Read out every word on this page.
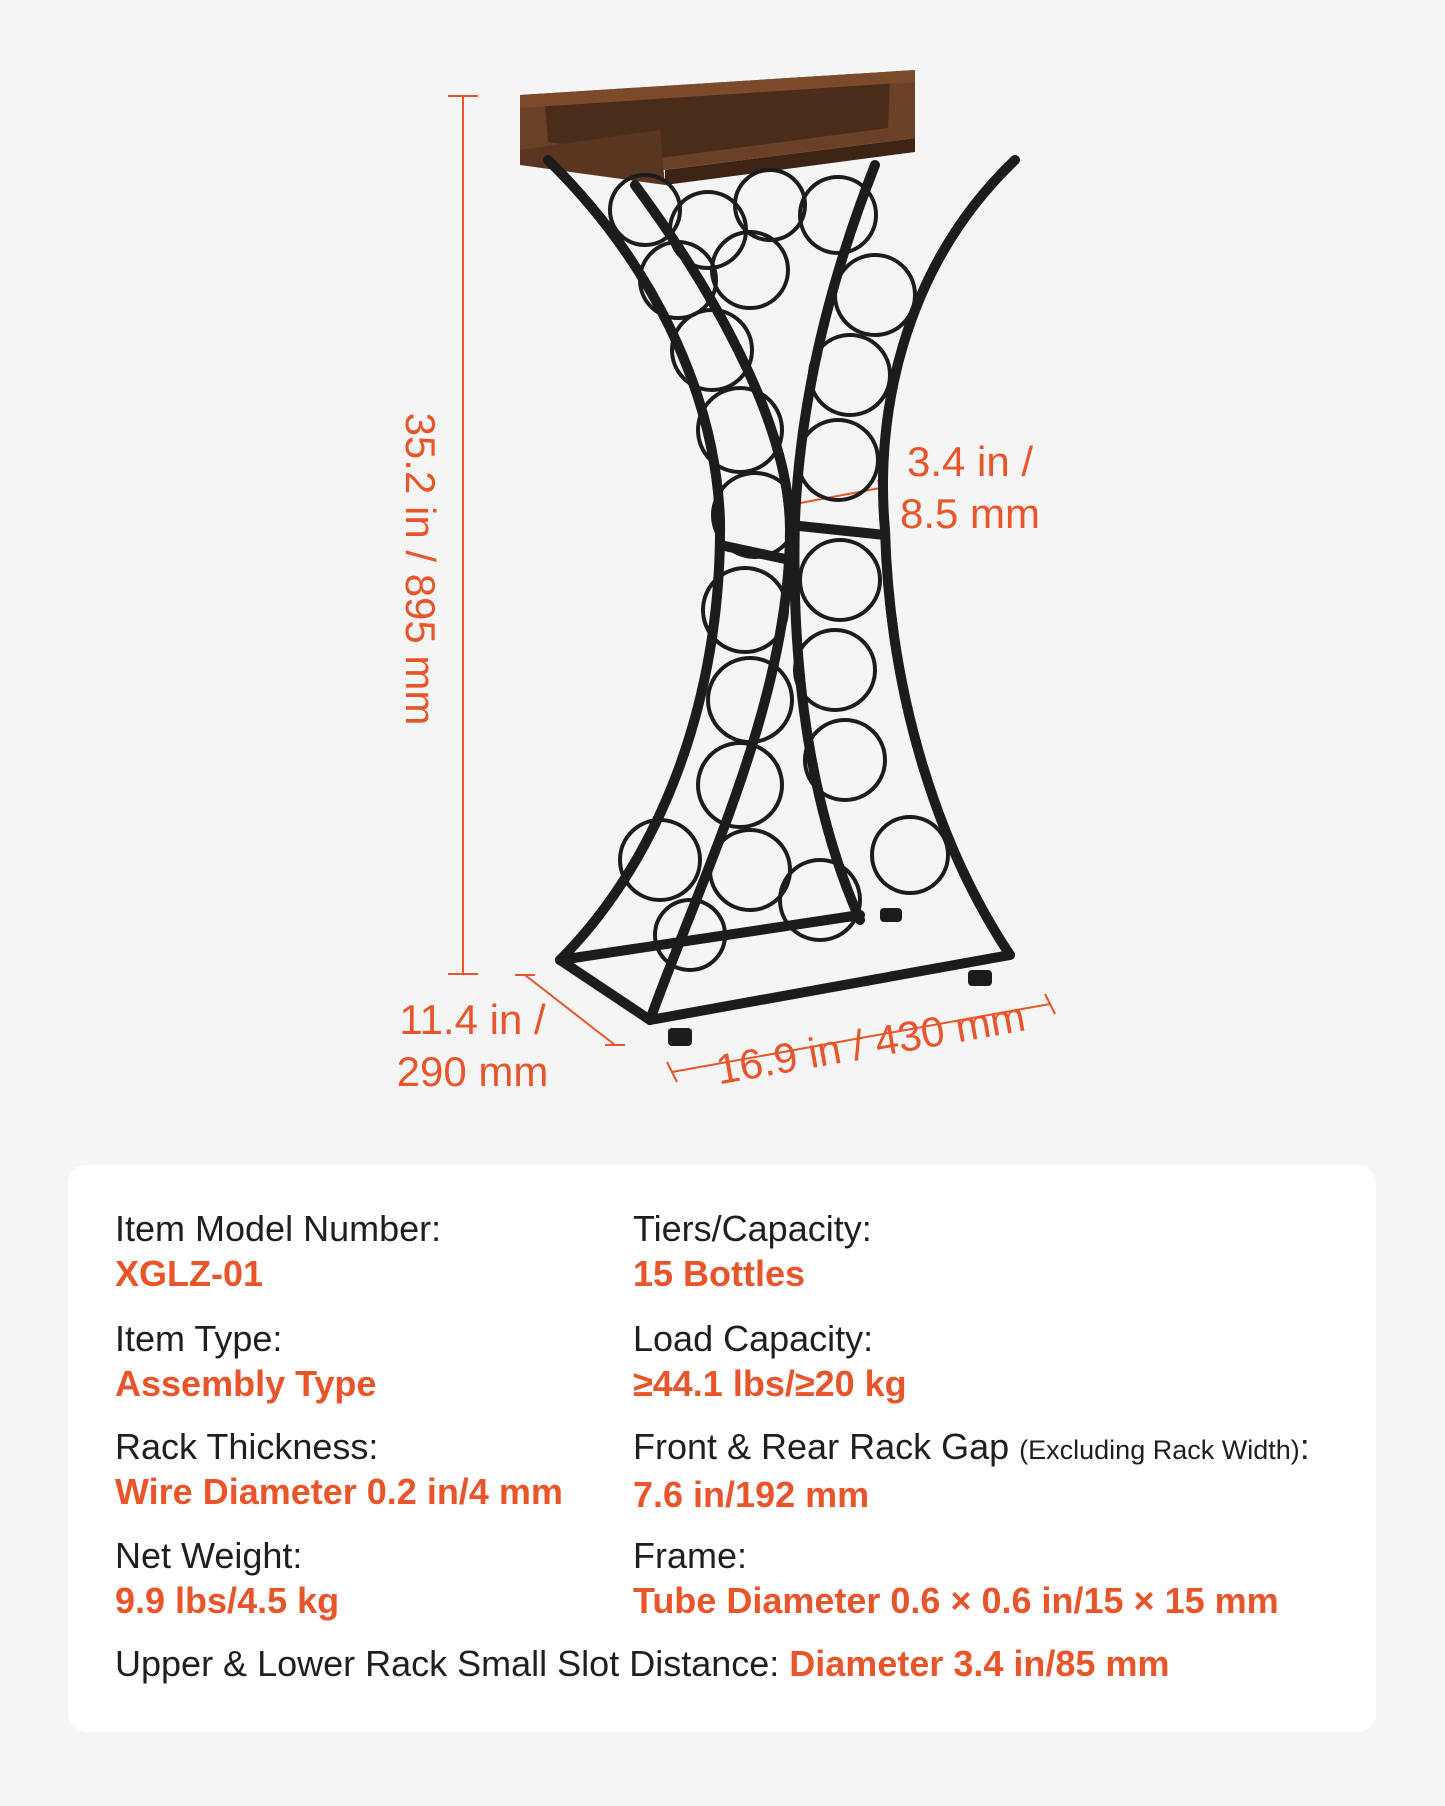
35.2 in / 895 mm	3.4 in /
8.5 mm
11.4 in /
290 mm	16.9 in / 430 mm
Item Model Number:
XGLZ-01
Tiers/Capacity:
15 Bottles
Item Type:
Assembly Type
Load Capacity:
≥44.1 lbs/≥20 kg
Rack Thickness:
Wire Diameter 0.2 in/4 mm
Front & Rear Rack Gap (Excluding Rack Width):
7.6 in/192 mm
Net Weight:
9.9 lbs/4.5 kg
Frame:
Tube Diameter 0.6 × 0.6 in/15 × 15 mm
Upper & Lower Rack Small Slot Distance: Diameter 3.4 in/85 mm
